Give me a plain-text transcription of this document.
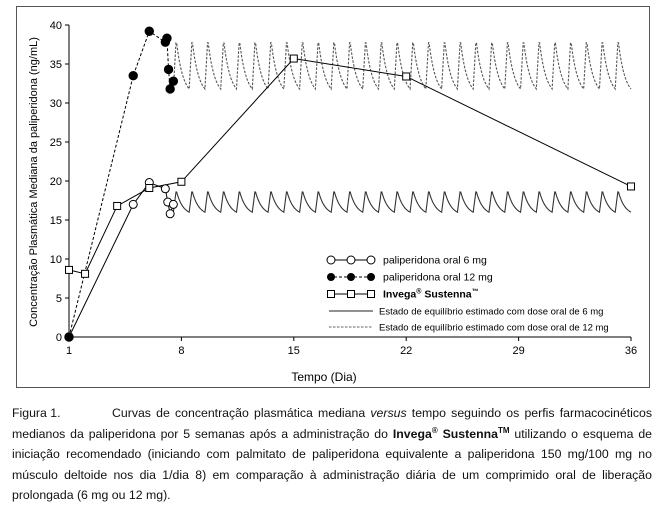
0
5
10
15
20
25
30
35
40
1	8	15	22	29	36
paliperidona oral 6 mg
paliperidona oral 12 mg
Invega® Sustenna™
Estado de equilíbrio estimado com dose oral de 6 mg
Estado de equilíbrio estimado com dose oral de 12 mg
Tempo (Dia)
Concentração Plasmática Mediana da paliperidona (ng/mL)
Figura 1.	Curvas de concentração plasmática mediana versus tempo seguindo os perfis farmacocinéticos medianos da paliperidona por 5 semanas após a administração do Invega® Sustenna™ utilizando o esquema de iniciação recomendado (iniciando com palmitato de paliperidona equivalente a paliperidona 150 mg/100 mg no músculo deltoide nos dia 1/dia 8) em comparação à administração diária de um comprimido oral de liberação prolongada (6 mg ou 12 mg).
